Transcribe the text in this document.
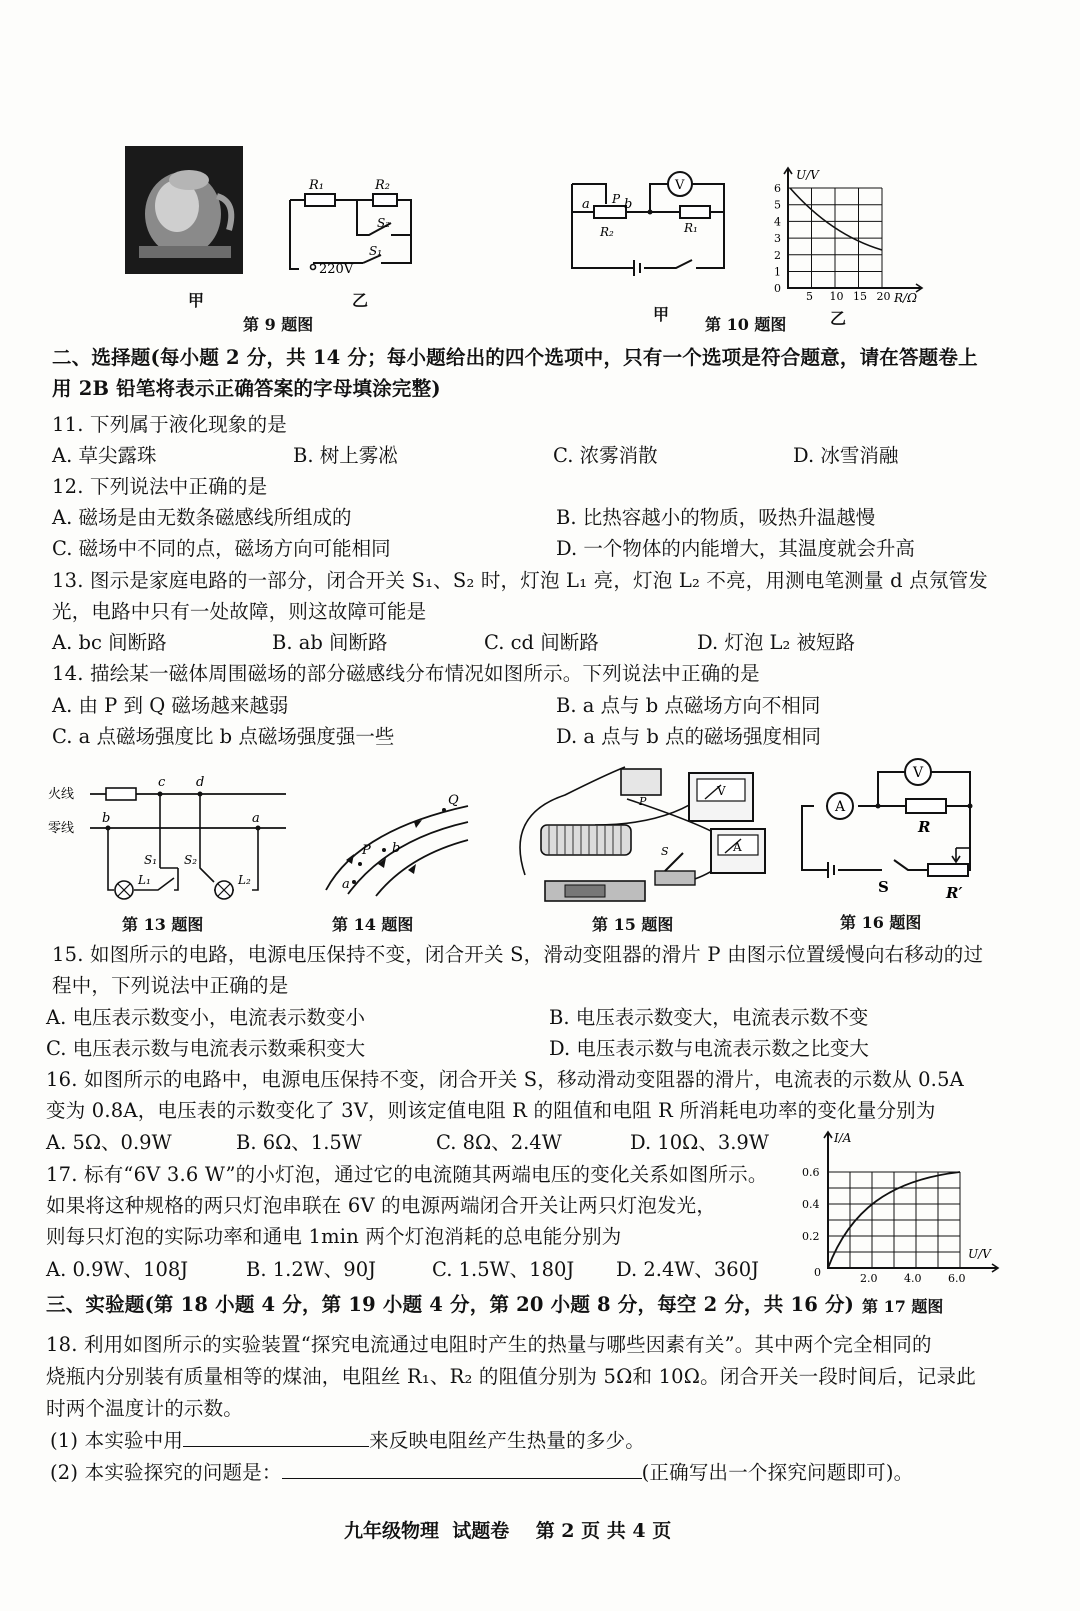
甲
R₁	R₂
S₂
S₁
220V
乙
第 9 题图
V
a P b
R₂	R₁
甲
第 10 题图
U/V
R/Ω
6
5
4
3
2
1
0
5 10 15 20
乙
二、选择题(每小题 2 分，共 14 分；每小题给出的四个选项中，只有一个选项是符合题意，请在答题卷上
用 2B 铅笔将表示正确答案的字母填涂完整)
11. 下列属于液化现象的是
A. 草尖露珠	B. 树上雾凇	C. 浓雾消散	D. 冰雪消融
12. 下列说法中正确的是
A. 磁场是由无数条磁感线所组成的	B. 比热容越小的物质，吸热升温越慢
C. 磁场中不同的点，磁场方向可能相同	D. 一个物体的内能增大，其温度就会升高
13. 图示是家庭电路的一部分，闭合开关 S₁、S₂ 时，灯泡 L₁ 亮，灯泡 L₂ 不亮，用测电笔测量 d 点氖管发
光，电路中只有一处故障，则这故障可能是
A. bc 间断路	B. ab 间断路	C. cd 间断路	D. 灯泡 L₂ 被短路
14. 描绘某一磁体周围磁场的部分磁感线分布情况如图所示。下列说法中正确的是
A. 由 P 到 Q 磁场越来越弱	B. a 点与 b 点磁场方向不相同
C. a 点磁场强度比 b 点磁场强度强一些	D. a 点与 b 点的磁场强度相同
火线
零线
c d
b	a
S₁ S₂
L₁	L₂
第 13 题图
Q
P b
a
第 14 题图
P
S
V
A
第 15 题图
A
V
R
S	R′
第 16 题图
15. 如图所示的电路，电源电压保持不变，闭合开关 S，滑动变阻器的滑片 P 由图示位置缓慢向右移动的过
程中，下列说法中正确的是
A. 电压表示数变小，电流表示数变小	B. 电压表示数变大，电流表示数不变
C. 电压表示数与电流表示数乘积变大	D. 电压表示数与电流表示数之比变大
16. 如图所示的电路中，电源电压保持不变，闭合开关 S，移动滑动变阻器的滑片，电流表的示数从 0.5A
变为 0.8A，电压表的示数变化了 3V，则该定值电阻 R 的阻值和电阻 R 所消耗电功率的变化量分别为
A. 5Ω、0.9W	B. 6Ω、1.5W	C. 8Ω、2.4W	D. 10Ω、3.9W
17. 标有“6V 3.6 W”的小灯泡，通过它的电流随其两端电压的变化关系如图所示。
如果将这种规格的两只灯泡串联在 6V 的电源两端闭合开关让两只灯泡发光，
则每只灯泡的实际功率和通电 1min 两个灯泡消耗的总电能分别为
A. 0.9W、108J	B. 1.2W、90J	C. 1.5W、180J D. 2.4W、360J
I/A
U/V
0.6
0.4
0.2
0	2.0 4.0 6.0
第 17 题图
三、实验题(第 18 小题 4 分，第 19 小题 4 分，第 20 小题 8 分，每空 2 分，共 16 分)
18. 利用如图所示的实验装置“探究电流通过电阻时产生的热量与哪些因素有关”。其中两个完全相同的
烧瓶内分别装有质量相等的煤油，电阻丝 R₁、R₂ 的阻值分别为 5Ω和 10Ω。闭合开关一段时间后，记录此
时两个温度计的示数。
(1) 本实验中用	来反映电阻丝产生热量的多少。
(2) 本实验探究的问题是：	(正确写出一个探究问题即可)。
九年级物理  试题卷    第 2 页 共 4 页
